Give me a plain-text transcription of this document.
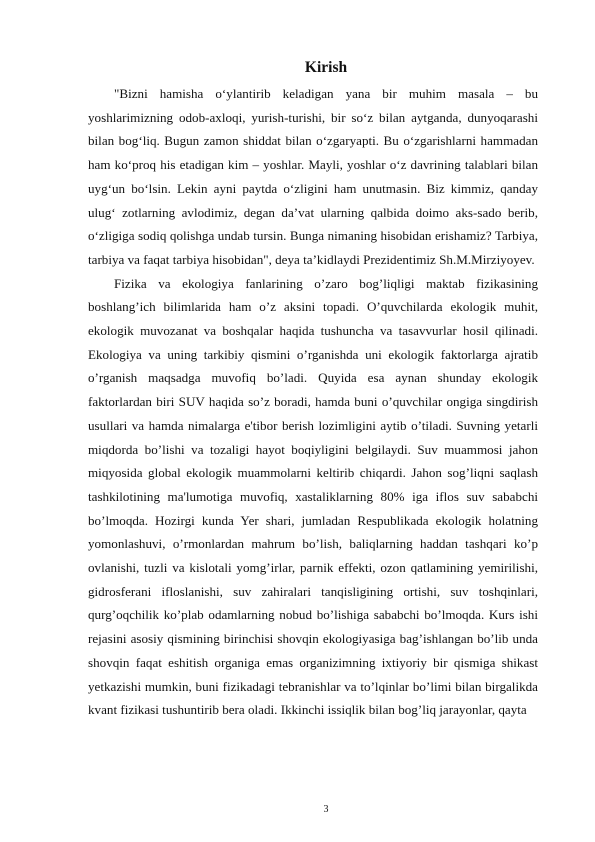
Kirish

"Bizni hamisha o‘ylantirib keladigan yana bir muhim masala – bu yoshlarimizning odob-axloqi, yurish-turishi, bir so‘z bilan aytganda, dunyoqarashi bilan bog‘liq. Bugun zamon shiddat bilan o‘zgaryapti. Bu o‘zgarishlarni hammadan ham ko‘proq his etadigan kim – yoshlar. Mayli, yoshlar o‘z davrining talablari bilan uyg‘un bo‘lsin. Lekin ayni paytda o‘zligini ham unutmasin. Biz kimmiz, qanday ulug‘ zotlarning avlodimiz, degan da’vat ularning qalbida doimo aks-sado berib, o‘zligiga sodiq qolishga undab tursin. Bunga nimaning hisobidan erishamiz? Tarbiya, tarbiya va faqat tarbiya hisobidan", deya ta’kidlaydi Prezidentimiz Sh.M.Mirziyoyev.

Fizika va ekologiya fanlarining o’zaro bog’liqligi maktab fizikasining boshlang’ich bilimlarida ham o’z aksini topadi. O’quvchilarda ekologik muhit, ekologik muvozanat va boshqalar haqida tushuncha va tasavvurlar hosil qilinadi. Ekologiya va uning tarkibiy qismini o’rganishda uni ekologik faktorlarga ajratib o’rganish maqsadga muvofiq bo’ladi. Quyida esa aynan shunday ekologik faktorlardan biri SUV haqida so’z boradi, hamda buni o’quvchilar ongiga singdirish usullari va hamda nimalarga e'tibor berish lozimligini aytib o’tiladi. Suvning yetarli miqdorda bo’lishi va tozaligi hayot boqiyligini belgilaydi. Suv muammosi jahon miqyosida global ekologik muammolarni keltirib chiqardi. Jahon sog’liqni saqlash tashkilotining ma'lumotiga muvofiq, xastaliklarning 80% iga iflos suv sababchi bo’lmoqda. Hozirgi kunda Yer shari, jumladan Respublikada ekologik holatning yomonlashuvi, o’rmonlardan mahrum bo’lish, baliqlarning haddan tashqari ko’p ovlanishi, tuzli va kislotali yomg’irlar, parnik effekti, ozon qatlamining yemirilishi, gidrosferani ifloslanishi, suv zahiralari tanqisligining ortishi, suv toshqinlari, qurg’oqchilik ko’plab odamlarning nobud bo’lishiga sababchi bo’lmoqda. Kurs ishi rejasini asosiy qismining birinchisi shovqin ekologiyasiga bag’ishlangan bo’lib unda shovqin faqat eshitish organiga emas organizimning ixtiyoriy bir qismiga shikast yetkazishi mumkin, buni fizikadagi tebranishlar va to’lqinlar bo’limi bilan birgalikda kvant fizikasi tushuntirib bera oladi. Ikkinchi issiqlik bilan bog’liq jarayonlar, qayta

3
